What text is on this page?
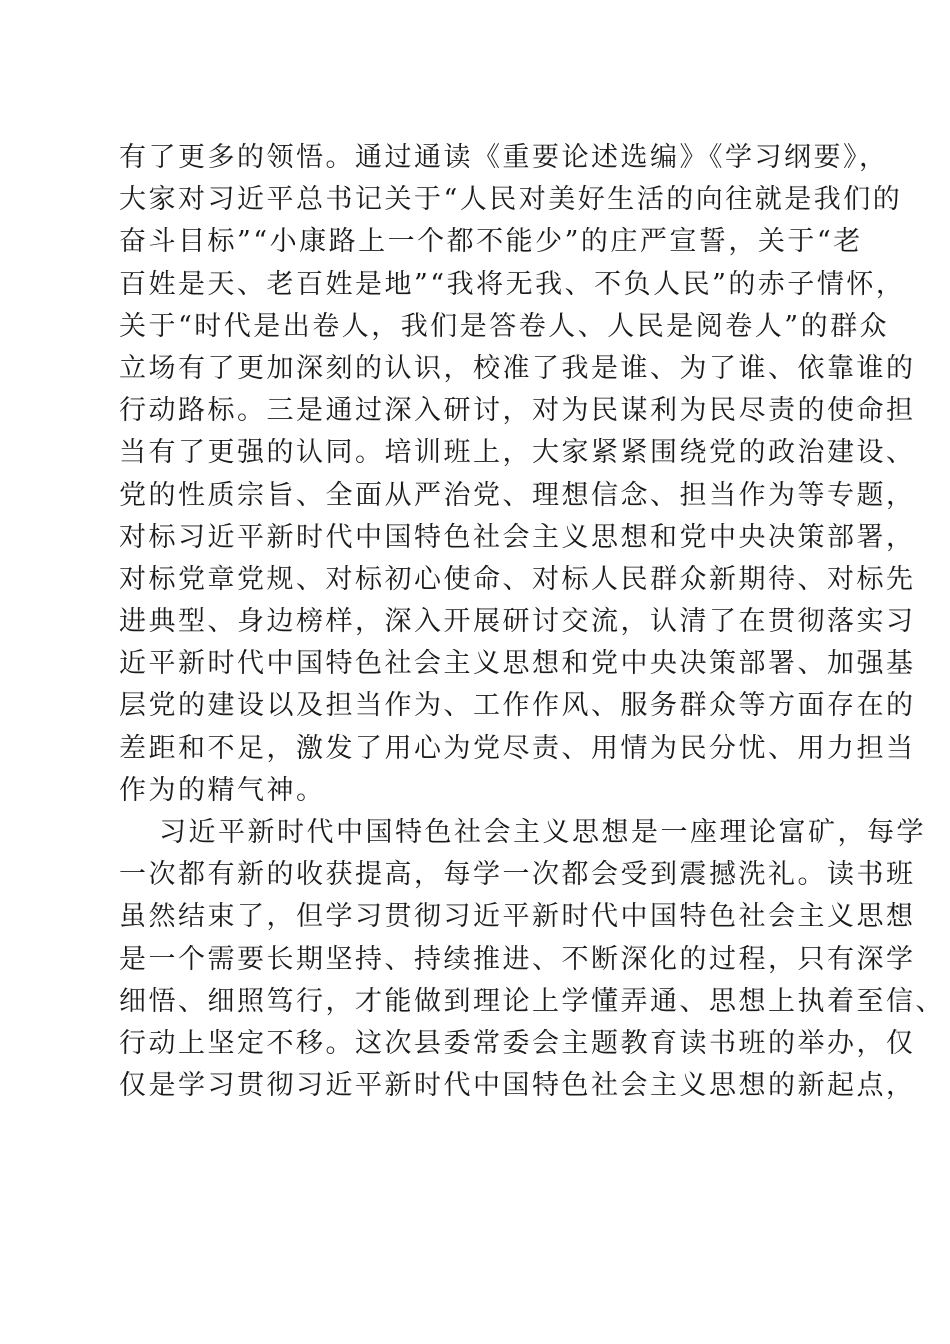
有了更多的领悟。通过通读《重要论述选编》《学习纲要》，
大家对习近平总书记关于“人民对美好生活的向往就是我们的
奋斗目标”“小康路上一个都不能少”的庄严宣誓，关于“老
百姓是天、老百姓是地”“我将无我、不负人民”的赤子情怀，
关于“时代是出卷人，我们是答卷人、人民是阅卷人”的群众
立场有了更加深刻的认识，校准了我是谁、为了谁、依靠谁的
行动路标。三是通过深入研讨，对为民谋利为民尽责的使命担
当有了更强的认同。培训班上，大家紧紧围绕党的政治建设、
党的性质宗旨、全面从严治党、理想信念、担当作为等专题，
对标习近平新时代中国特色社会主义思想和党中央决策部署，
对标党章党规、对标初心使命、对标人民群众新期待、对标先
进典型、身边榜样，深入开展研讨交流，认清了在贯彻落实习
近平新时代中国特色社会主义思想和党中央决策部署、加强基
层党的建设以及担当作为、工作作风、服务群众等方面存在的
差距和不足，激发了用心为党尽责、用情为民分忧、用力担当
作为的精气神。
习近平新时代中国特色社会主义思想是一座理论富矿，每学
一次都有新的收获提高，每学一次都会受到震撼洗礼。读书班
虽然结束了，但学习贯彻习近平新时代中国特色社会主义思想
是一个需要长期坚持、持续推进、不断深化的过程，只有深学
细悟、细照笃行，才能做到理论上学懂弄通、思想上执着至信、
行动上坚定不移。这次县委常委会主题教育读书班的举办，仅
仅是学习贯彻习近平新时代中国特色社会主义思想的新起点，
